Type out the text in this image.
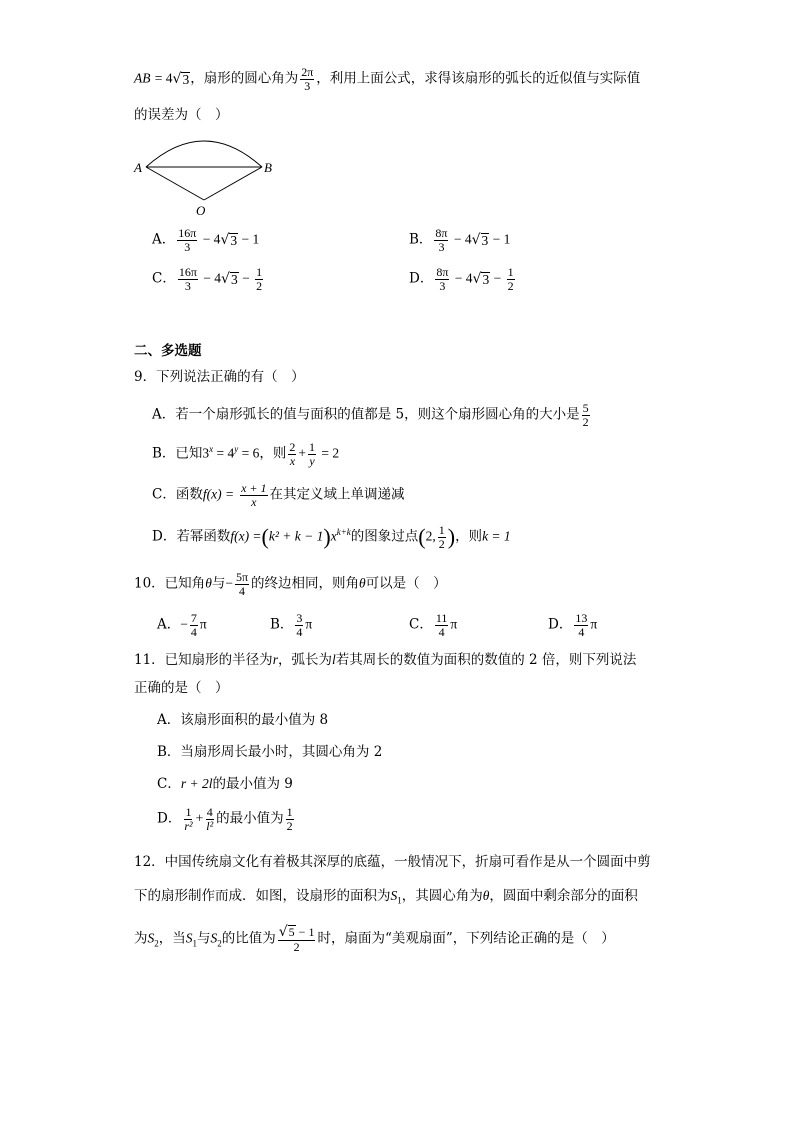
AB = 4 √ 3 ，扇形的圆心角为 $\frac{2\pi}{3}$ ，利用上面公式，求得该扇形的弧长的近似值与实际值
的误差为（　）
A	B
O
A． $\frac{16\pi}{3} - 4$ √ 3 − 1	B． $\frac{8\pi}{3} - 4$ √ 3 − 1
C． $\frac{16\pi}{3} - 4$ √ $3 - \frac{1}{2}$	D． $\frac{8\pi}{3} - 4$ √ $3 - \frac{1}{2}$
二、多选题
9．下列说法正确的有（　）
A．若一个扇形弧长的值与面积的值都是 5，则这个扇形圆心角的大小是 $\frac{5}{2}$
B．已知$3^x = 4^y = 6$，则 $\frac{2}{x} + \frac{1}{y} = 2$
C．函数$f(x) = \frac{x + 1}{x}$ 在其定义域上单调递减
D．若幂函数$f(x) =(k^2 + k - 1)x^{k+k}$的图象过点(2, $\frac{1}{2}$ )，则k = 1
10．已知角θ与− $\frac{5\pi}{4}$ 的终边相同，则角θ可以是（　）
A．− $\frac{7}{4}$ π	B． $\frac{3}{4}$ π	C． $\frac{11}{4}$ π	D． $\frac{13}{4}$ π
11．已知扇形的半径为r，弧长为l若其周长的数值为面积的数值的 2 倍，则下列说法
正确的是（　）
A．该扇形面积的最小值为 8
B．当扇形周长最小时，其圆心角为 2
C．r + 2l的最小值为 9
D． $\frac{1}{\text{r²}} + \frac{4}{\text{l²}}$ 的最小值为 $\frac{1}{2}$
12．中国传统扇文化有着极其深厚的底蕴，一般情况下，折扇可看作是从一个圆面中剪
下的扇形制作而成．如图，设扇形的面积为$S_1$，其圆心角为θ，圆面中剩余部分的面积
为$S_2$，当$S_1$与$S_2$的比值为 $\frac{√ 5 - 1}{2}$ 时，扇面为“美观扇面”，下列结论正确的是（　）
